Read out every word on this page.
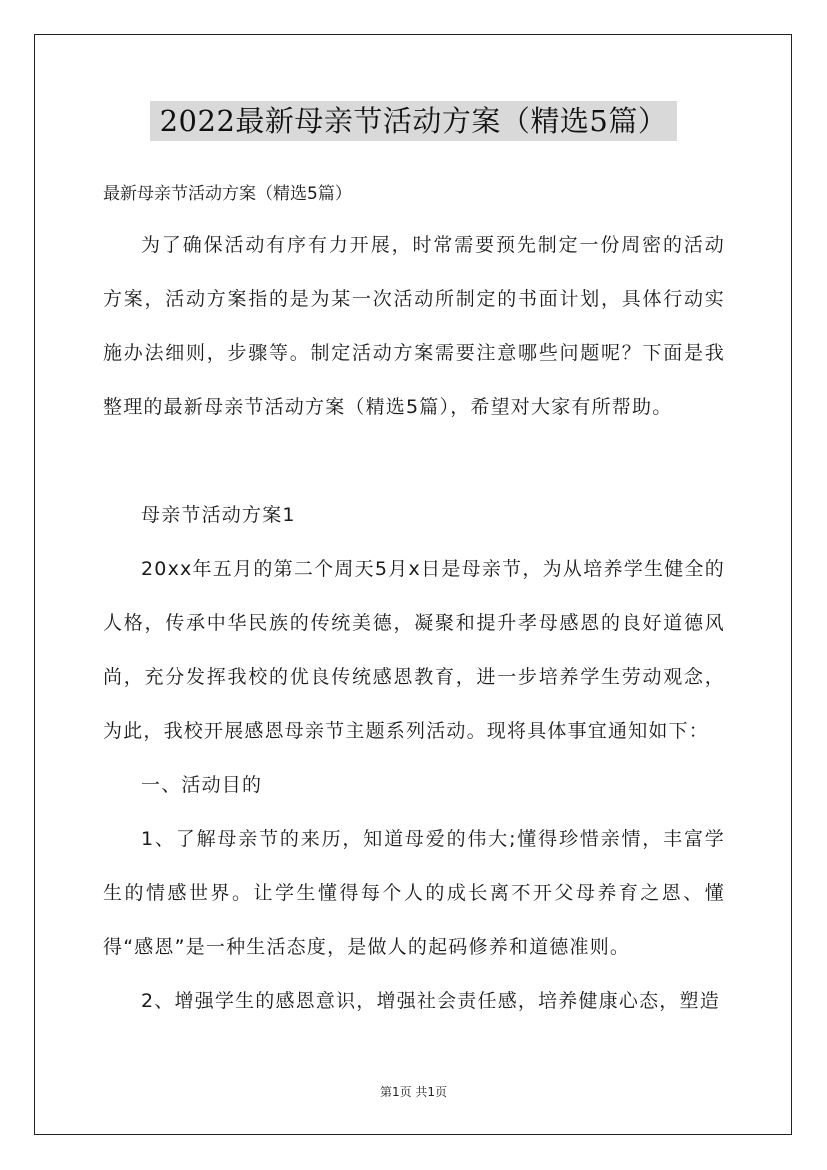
2022最新母亲节活动方案（精选5篇）

最新母亲节活动方案（精选5篇）

为了确保活动有序有力开展，时常需要预先制定一份周密的活动方案，活动方案指的是为某一次活动所制定的书面计划，具体行动实施办法细则，步骤等。制定活动方案需要注意哪些问题呢？下面是我整理的最新母亲节活动方案（精选5篇），希望对大家有所帮助。

母亲节活动方案1

20xx年五月的第二个周天5月x日是母亲节，为从培养学生健全的人格，传承中华民族的传统美德，凝聚和提升孝母感恩的良好道德风尚，充分发挥我校的优良传统感恩教育，进一步培养学生劳动观念，为此，我校开展感恩母亲节主题系列活动。现将具体事宜通知如下：

一、活动目的

1、了解母亲节的来历，知道母爱的伟大;懂得珍惜亲情，丰富学生的情感世界。让学生懂得每个人的成长离不开父母养育之恩、懂得“感恩”是一种生活态度，是做人的起码修养和道德准则。

2、增强学生的感恩意识，增强社会责任感，培养健康心态，塑造

第1页 共1页
